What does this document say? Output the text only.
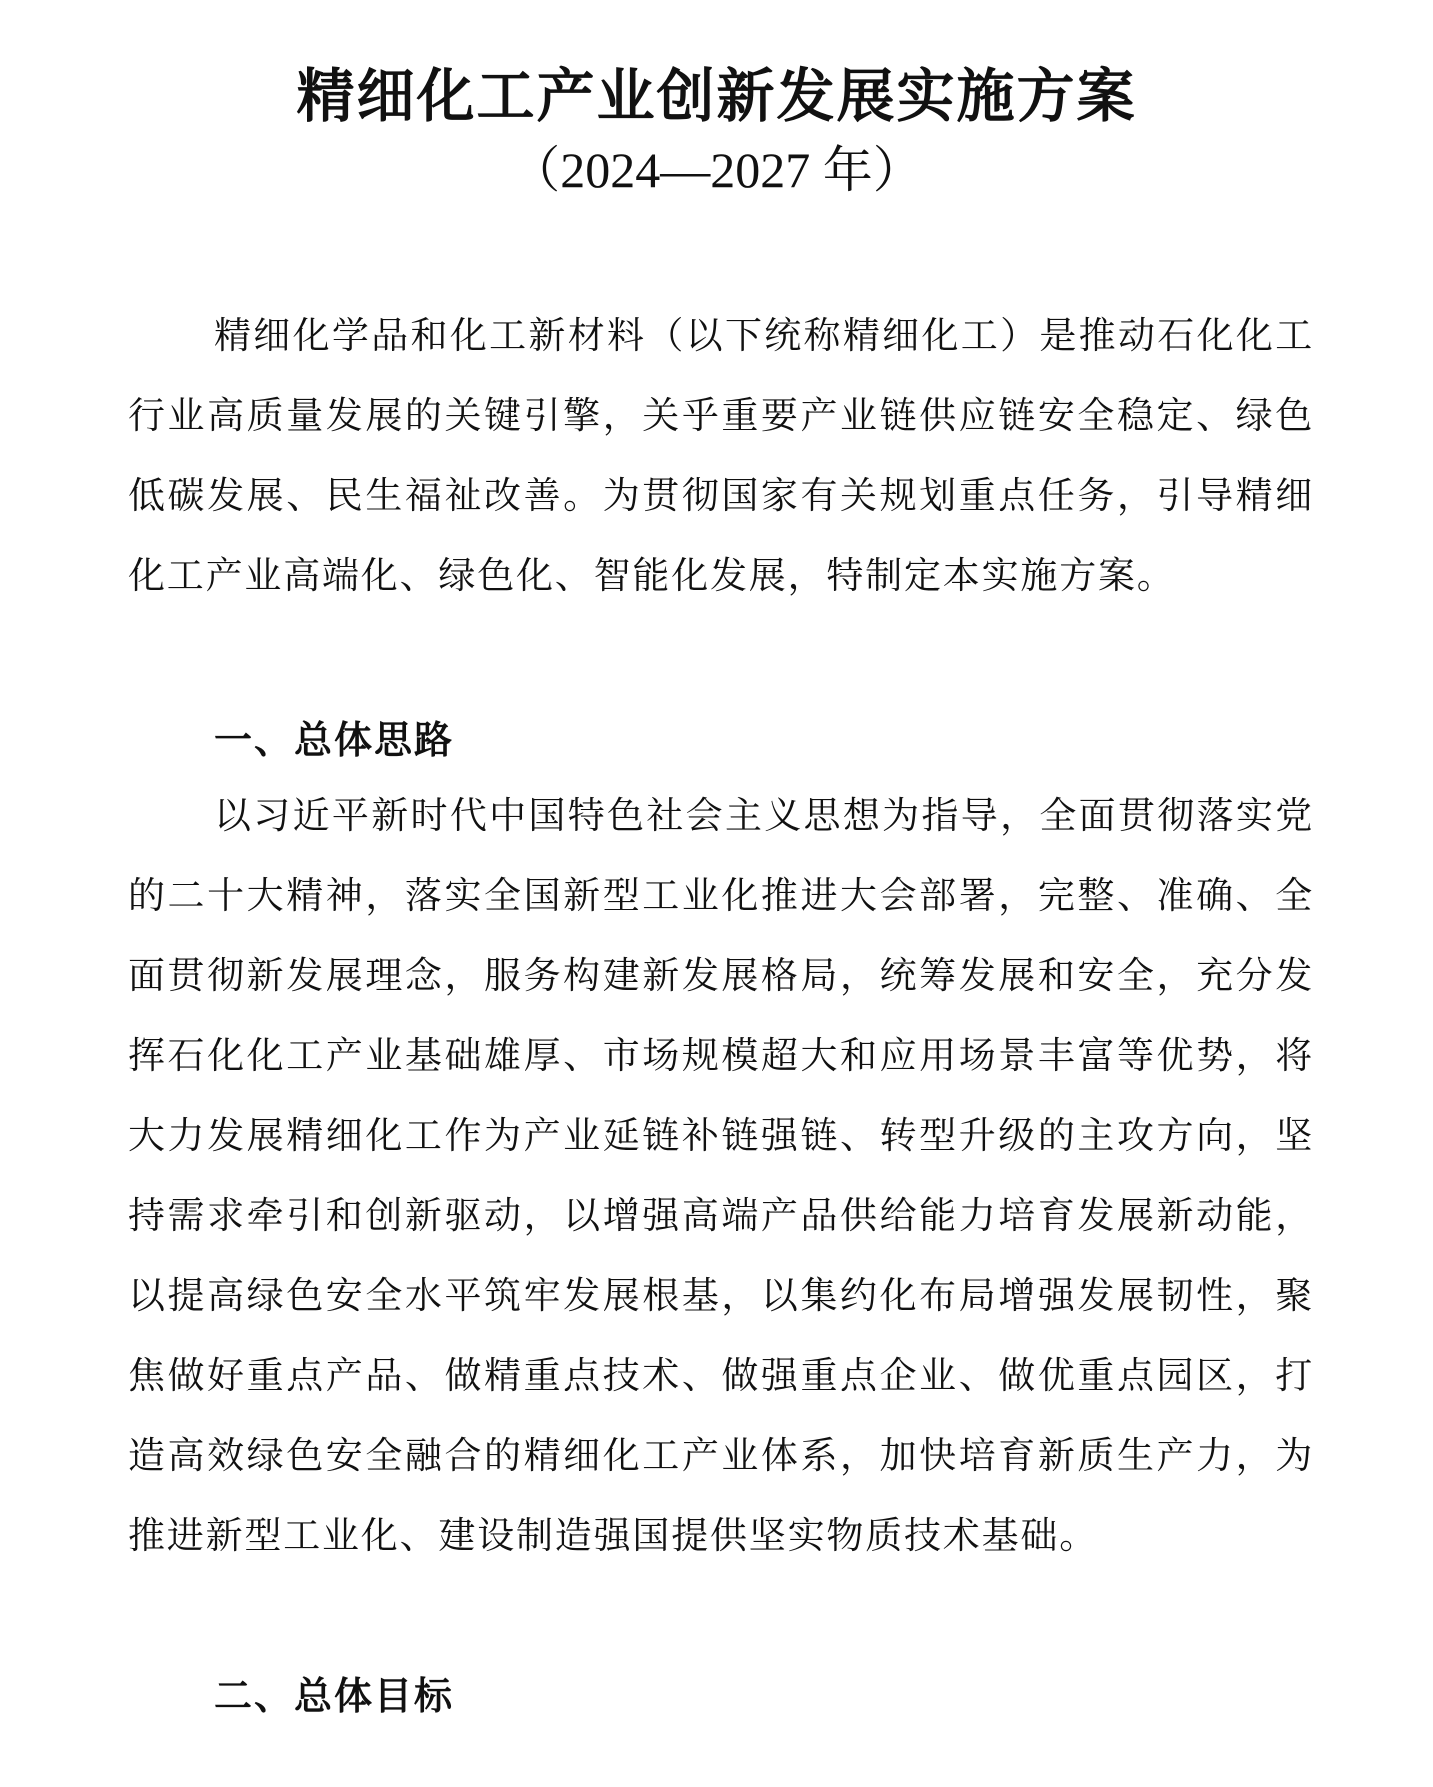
精细化工产业创新发展实施方案
（2024—2027 年）

精细化学品和化工新材料（以下统称精细化工）是推动石化化工行业高质量发展的关键引擎，关乎重要产业链供应链安全稳定、绿色低碳发展、民生福祉改善。为贯彻国家有关规划重点任务，引导精细化工产业高端化、绿色化、智能化发展，特制定本实施方案。

一、总体思路

以习近平新时代中国特色社会主义思想为指导，全面贯彻落实党的二十大精神，落实全国新型工业化推进大会部署，完整、准确、全面贯彻新发展理念，服务构建新发展格局，统筹发展和安全，充分发挥石化化工产业基础雄厚、市场规模超大和应用场景丰富等优势，将大力发展精细化工作为产业延链补链强链、转型升级的主攻方向，坚持需求牵引和创新驱动，以增强高端产品供给能力培育发展新动能，以提高绿色安全水平筑牢发展根基，以集约化布局增强发展韧性，聚焦做好重点产品、做精重点技术、做强重点企业、做优重点园区，打造高效绿色安全融合的精细化工产业体系，加快培育新质生产力，为推进新型工业化、建设制造强国提供坚实物质技术基础。

二、总体目标
